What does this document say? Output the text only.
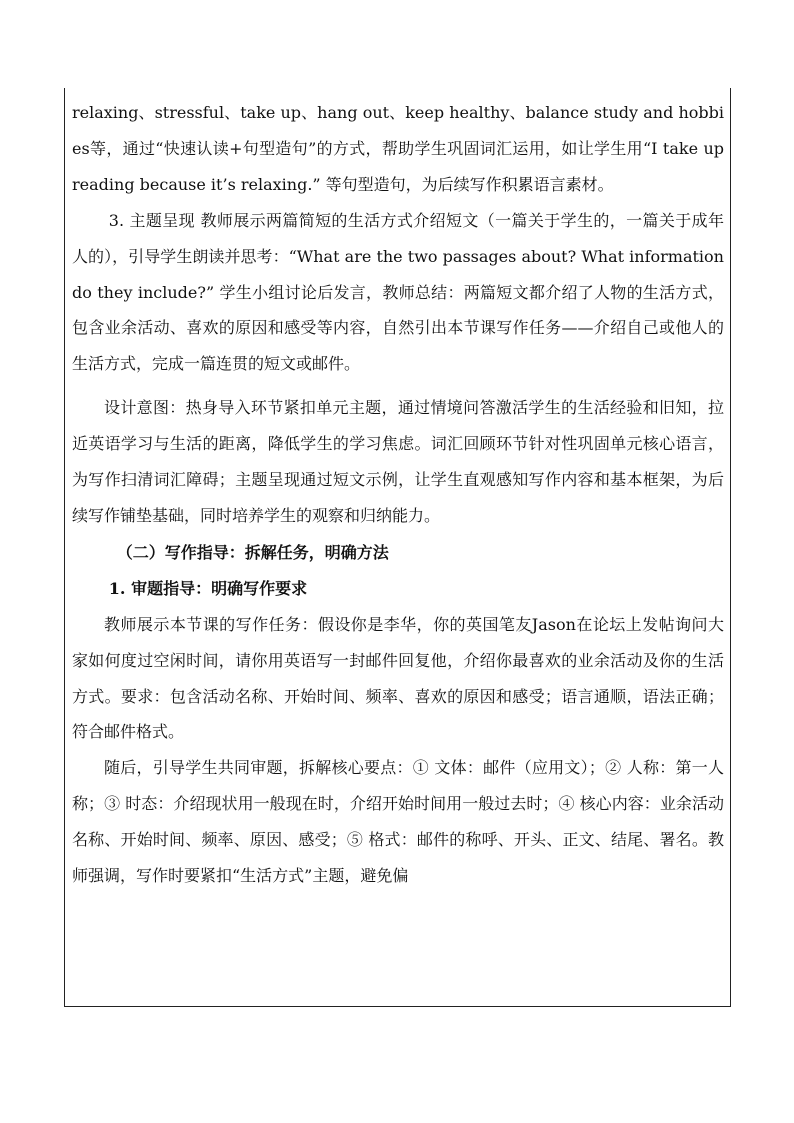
relaxing、stressful、take up、hang out、keep healthy、balance study and hobbies等，通过“快速认读+句型造句”的方式，帮助学生巩固词汇运用，如让学生用“I take up reading because it’s relaxing.” 等句型造句，为后续写作积累语言素材。

3. 主题呈现 教师展示两篇简短的生活方式介绍短文（一篇关于学生的，一篇关于成年人的），引导学生朗读并思考：“What are the two passages about? What information do they include?” 学生小组讨论后发言，教师总结：两篇短文都介绍了人物的生活方式，包含业余活动、喜欢的原因和感受等内容，自然引出本节课写作任务——介绍自己或他人的生活方式，完成一篇连贯的短文或邮件。

设计意图：热身导入环节紧扣单元主题，通过情境问答激活学生的生活经验和旧知，拉近英语学习与生活的距离，降低学生的学习焦虑。词汇回顾环节针对性巩固单元核心语言，为写作扫清词汇障碍；主题呈现通过短文示例，让学生直观感知写作内容和基本框架，为后续写作铺垫基础，同时培养学生的观察和归纳能力。

（二）写作指导：拆解任务，明确方法

1. 审题指导：明确写作要求

教师展示本节课的写作任务：假设你是李华，你的英国笔友Jason在论坛上发帖询问大家如何度过空闲时间，请你用英语写一封邮件回复他，介绍你最喜欢的业余活动及你的生活方式。要求：包含活动名称、开始时间、频率、喜欢的原因和感受；语言通顺，语法正确；符合邮件格式。

随后，引导学生共同审题，拆解核心要点：① 文体：邮件（应用文）；② 人称：第一人称；③ 时态：介绍现状用一般现在时，介绍开始时间用一般过去时；④ 核心内容：业余活动名称、开始时间、频率、原因、感受；⑤ 格式：邮件的称呼、开头、正文、结尾、署名。教师强调，写作时要紧扣“生活方式”主题，避免偏
